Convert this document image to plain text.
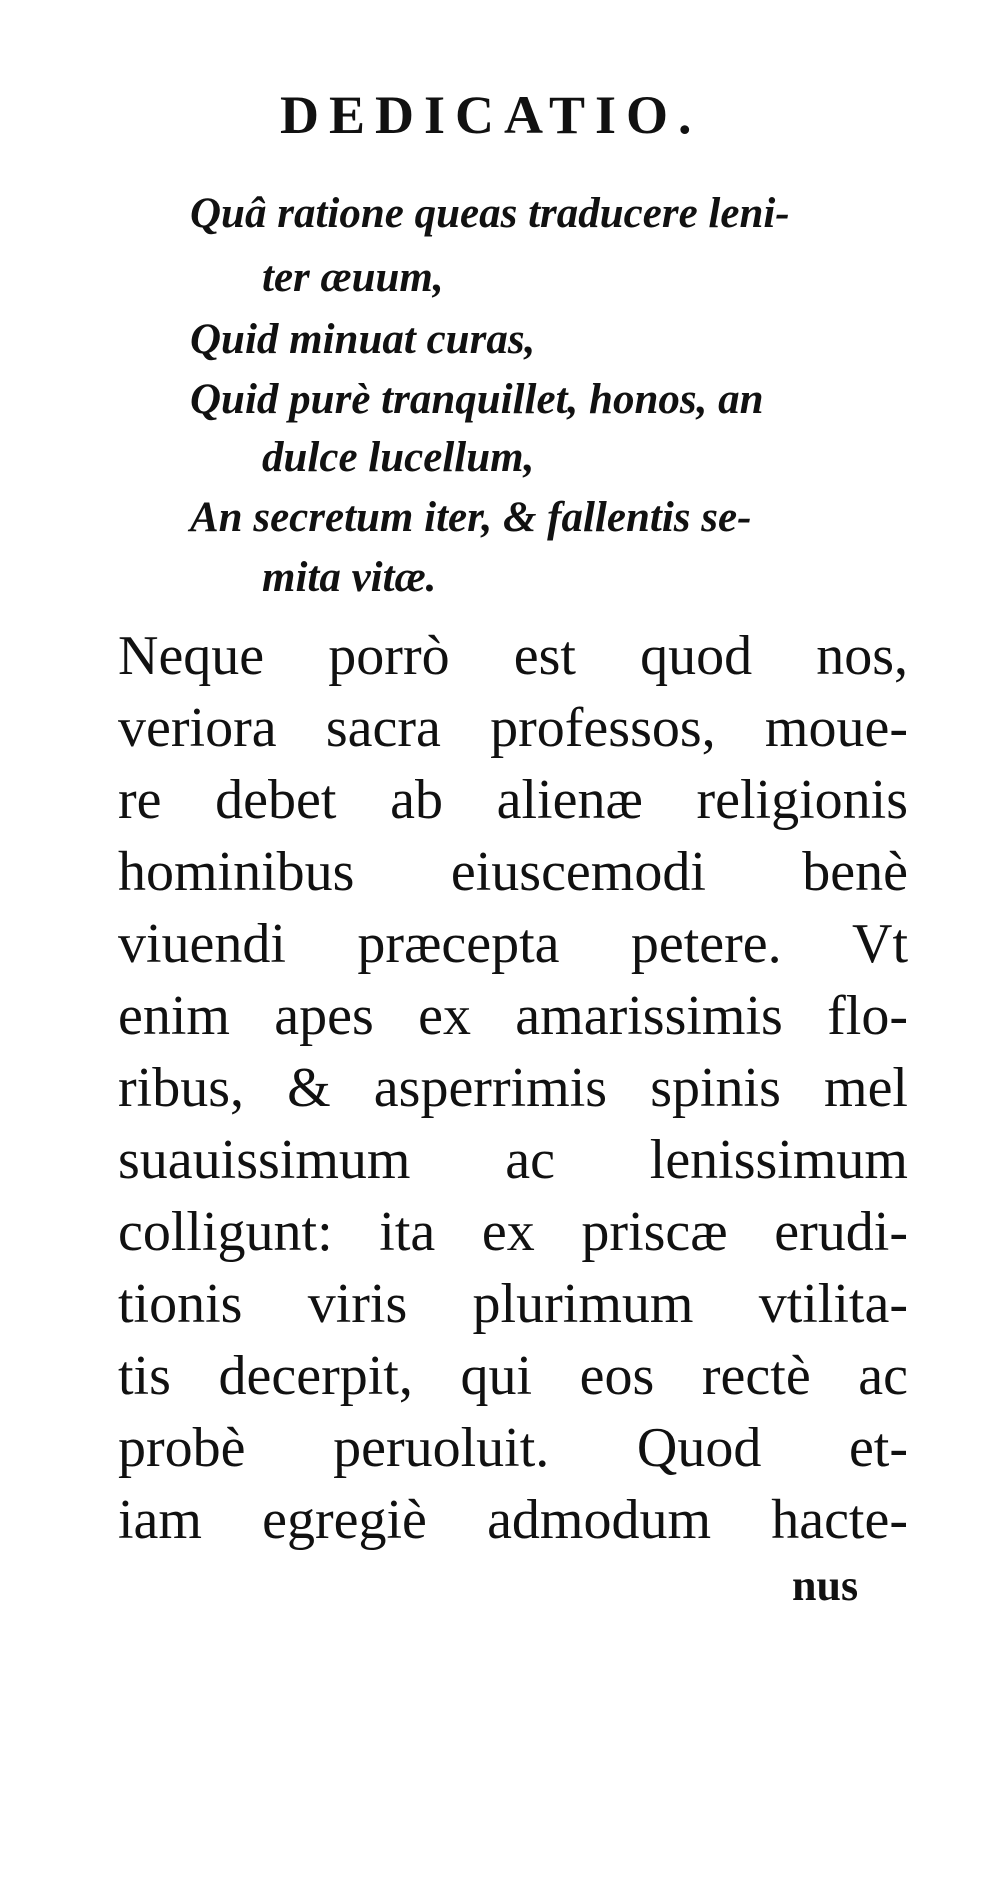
DEDICATIO.
Quâ ratione queas traducere leni-
ter æuum,
Quid minuat curas,
Quid purè tranquillet, honos, an
dulce lucellum,
An secretum iter, & fallentis se-
mita vitæ.
Neque porrò est quod nos,
veriora sacra professos, moue-
re debet ab alienæ religionis
hominibus eiuscemodi benè
viuendi præcepta petere. Vt
enim apes ex amarissimis flo-
ribus, & asperrimis spinis mel
suauissimum ac lenissimum
colligunt: ita ex priscæ erudi-
tionis viris plurimum vtilita-
tis decerpit, qui eos rectè ac
probè peruoluit. Quod et-
iam egregiè admodum hacte-
nus
